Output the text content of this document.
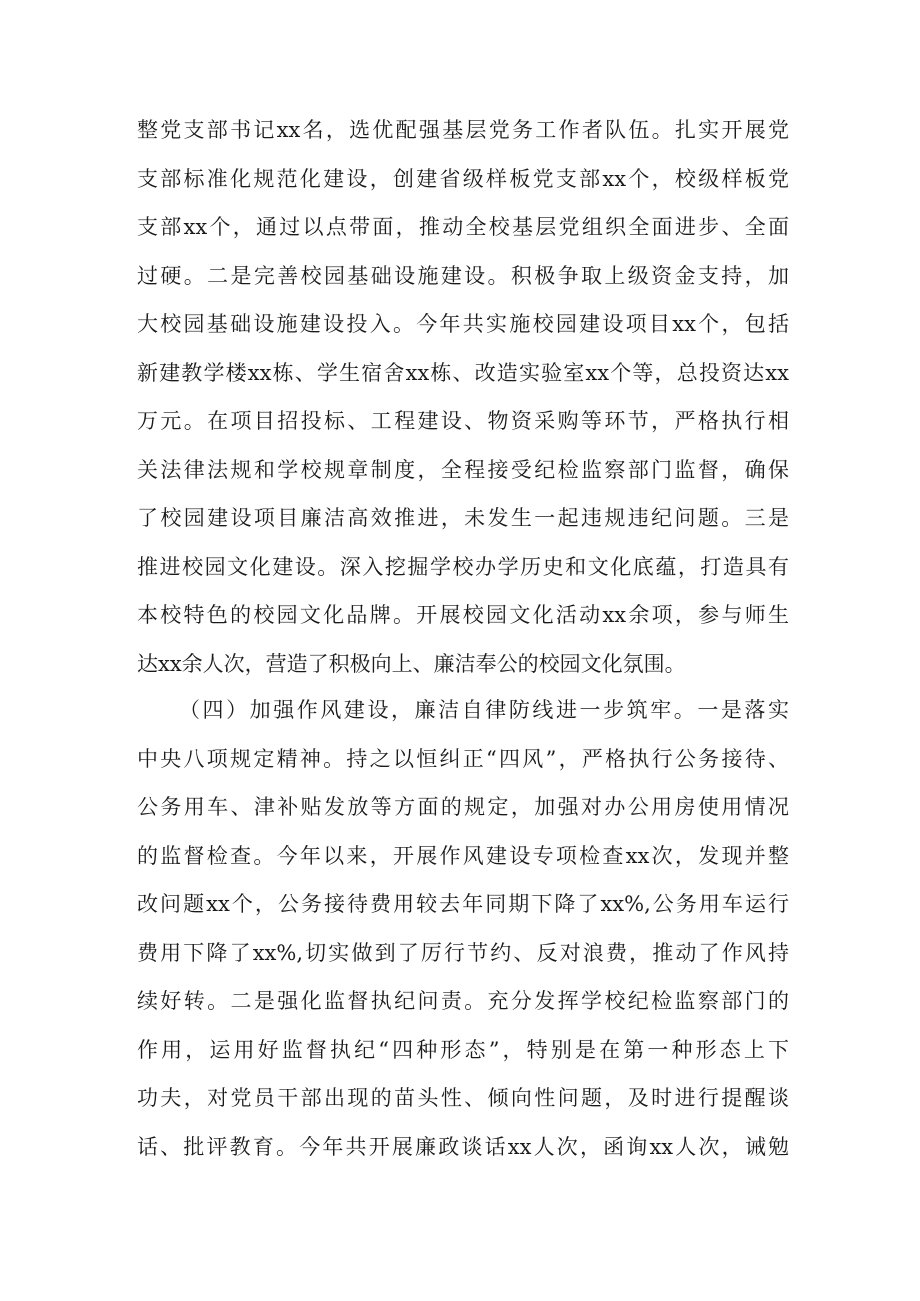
整党支部书记xx名，选优配强基层党务工作者队伍。扎实开展党
支部标准化规范化建设，创建省级样板党支部xx个，校级样板党
支部xx个，通过以点带面，推动全校基层党组织全面进步、全面
过硬。二是完善校园基础设施建设。积极争取上级资金支持，加
大校园基础设施建设投入。今年共实施校园建设项目xx个，包括
新建教学楼xx栋、学生宿舍xx栋、改造实验室xx个等，总投资达xx
万元。在项目招投标、工程建设、物资采购等环节，严格执行相
关法律法规和学校规章制度，全程接受纪检监察部门监督，确保
了校园建设项目廉洁高效推进，未发生一起违规违纪问题。三是
推进校园文化建设。深入挖掘学校办学历史和文化底蕴，打造具有
本校特色的校园文化品牌。开展校园文化活动xx余项，参与师生
达xx余人次，营造了积极向上、廉洁奉公的校园文化氛围。
（四）加强作风建设，廉洁自律防线进一步筑牢。一是落实
中央八项规定精神。持之以恒纠正“四风”，严格执行公务接待、
公务用车、津补贴发放等方面的规定，加强对办公用房使用情况
的监督检查。今年以来，开展作风建设专项检查xx次，发现并整
改问题xx个，公务接待费用较去年同期下降了xx%,公务用车运行
费用下降了xx%,切实做到了厉行节约、反对浪费，推动了作风持
续好转。二是强化监督执纪问责。充分发挥学校纪检监察部门的
作用，运用好监督执纪“四种形态”，特别是在第一种形态上下
功夫，对党员干部出现的苗头性、倾向性问题，及时进行提醒谈
话、批评教育。今年共开展廉政谈话xx人次，函询xx人次，诫勉
